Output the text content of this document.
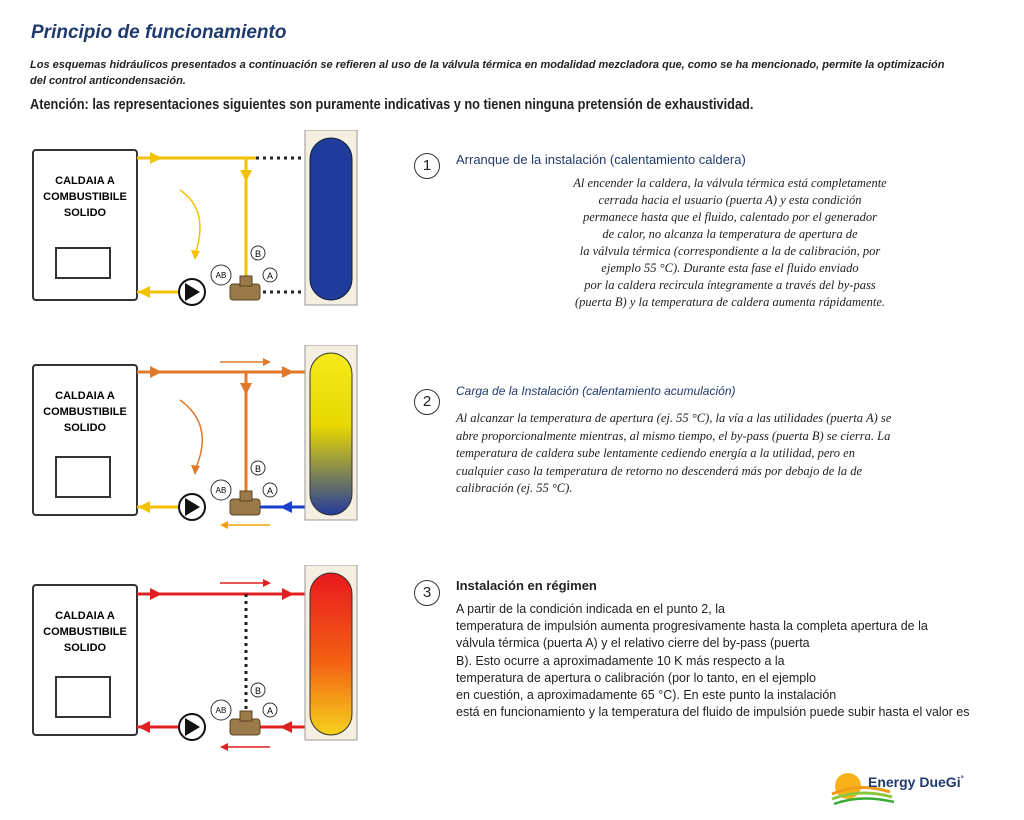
Principio de funcionamiento
Los esquemas hidráulicos presentados a continuación se refieren al uso de la válvula térmica en modalidad mezcladora que, como se ha mencionado, permite la optimización del control anticondensación.
Atención: las representaciones siguientes son puramente indicativas y no tienen ninguna pretensión de exhaustividad.
CALDAIA A
COMBUSTIBILE
SOLIDO
B
AB	A
CALDAIA A
COMBUSTIBILE
SOLIDO
B
AB	A
CALDAIA A
COMBUSTIBILE
SOLIDO
B
AB	A
1	Arranque de la instalación (calentamiento caldera)
Al encender la caldera, la válvula térmica está completamente
cerrada hacia el usuario (puerta A) y esta condición
permanece hasta que el fluido, calentado por el generador
de calor, no alcanza la temperatura de apertura de
la válvula térmica (correspondiente a la de calibración, por
ejemplo 55 °C). Durante esta fase el fluido enviado
por la caldera recircula íntegramente a través del by-pass
(puerta B) y la temperatura de caldera aumenta rápidamente.
2
Carga de la Instalación (calentamiento acumulación)
Al alcanzar la temperatura de apertura (ej. 55 °C), la vía a las utilidades (puerta A) se
abre proporcionalmente mientras, al mismo tiempo, el by-pass (puerta B) se cierra. La
temperatura de caldera sube lentamente cediendo energía a la utilidad, pero en
cualquier caso la temperatura de retorno no descenderá más por debajo de la de
calibración (ej. 55 °C).
3	Instalación en régimen
A partir de la condición indicada en el punto 2, la
temperatura de impulsión aumenta progresivamente hasta la completa apertura de la
válvula térmica (puerta A) y el relativo cierre del by-pass (puerta
B). Esto ocurre a aproximadamente 10 K más respecto a la
temperatura de apertura o calibración (por lo tanto, en el ejemplo
en cuestión, a aproximadamente 65 °C). En este punto la instalación
está en funcionamiento y la temperatura del fluido de impulsión puede subir hasta el valor es
Energy DueGi°
